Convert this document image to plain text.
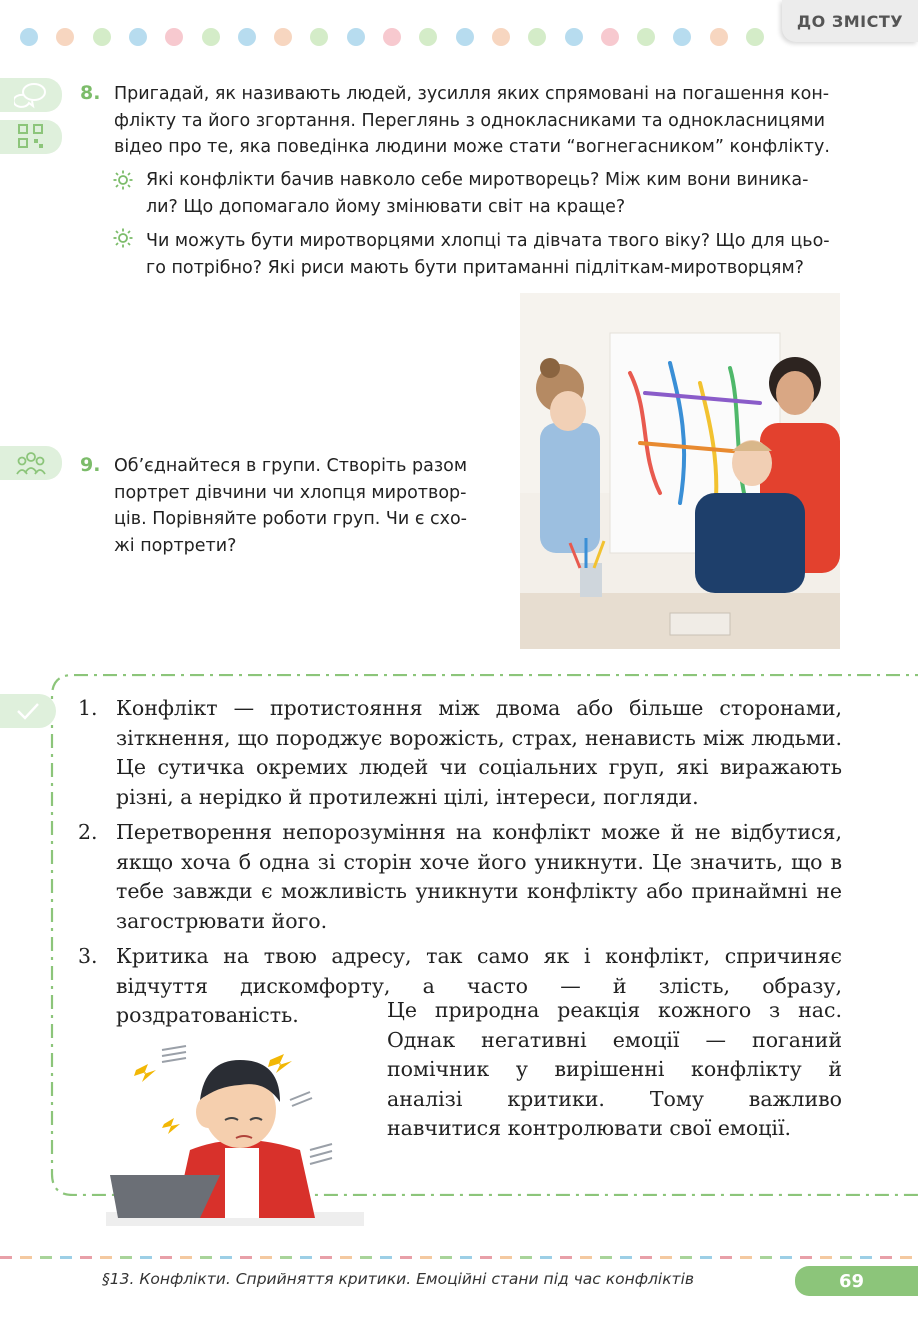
ДО ЗМІСТУ
8. Пригадай, як називають людей, зусилля яких спрямовані на погашення кон-
флікту та його згортання. Переглянь з однокласниками та однокласницями
відео про те, яка поведінка людини може стати “вогнегасником” конфлікту.
Які конфлікти бачив навколо себе миротворець? Між ким вони виника-
ли? Що допомагало йому змінювати світ на краще?
Чи можуть бути миротворцями хлопці та дівчата твого віку? Що для цьо-
го потрібно? Які риси мають бути притаманні підліткам-миротворцям?
9. Об’єднайтеся в групи. Створіть разом
портрет дівчини чи хлопця миротвор-
ців. Порівняйте роботи груп. Чи є схо-
жі портрети?
1. Конфлікт — протистояння між двома або більше сторонами, зіткнення, що породжує ворожість, страх, ненависть між людьми. Це сутичка окремих людей чи соціальних груп, які виражають різні, а нерідко й протилежні цілі, інтереси, погляди.
2. Перетворення непорозуміння на конфлікт може й не відбутися, якщо хоча б одна зі сторін хоче його уникнути. Це значить, що в тебе завжди є можливість уникнути конфлікту або принаймні не загострювати його.
3. Критика на твою адресу, так само як і конфлікт, спричиняє відчуття дискомфорту, а часто — й злість, образу, роздратованість.	Це природна реакція кожного з нас. Однак негативні емоції — поганий помічник у вирішенні конфлікту й аналізі критики. Тому важливо навчитися контролювати свої емоції.
§13. Конфлікти. Сприйняття критики. Емоційні стани під час конфліктів	69
